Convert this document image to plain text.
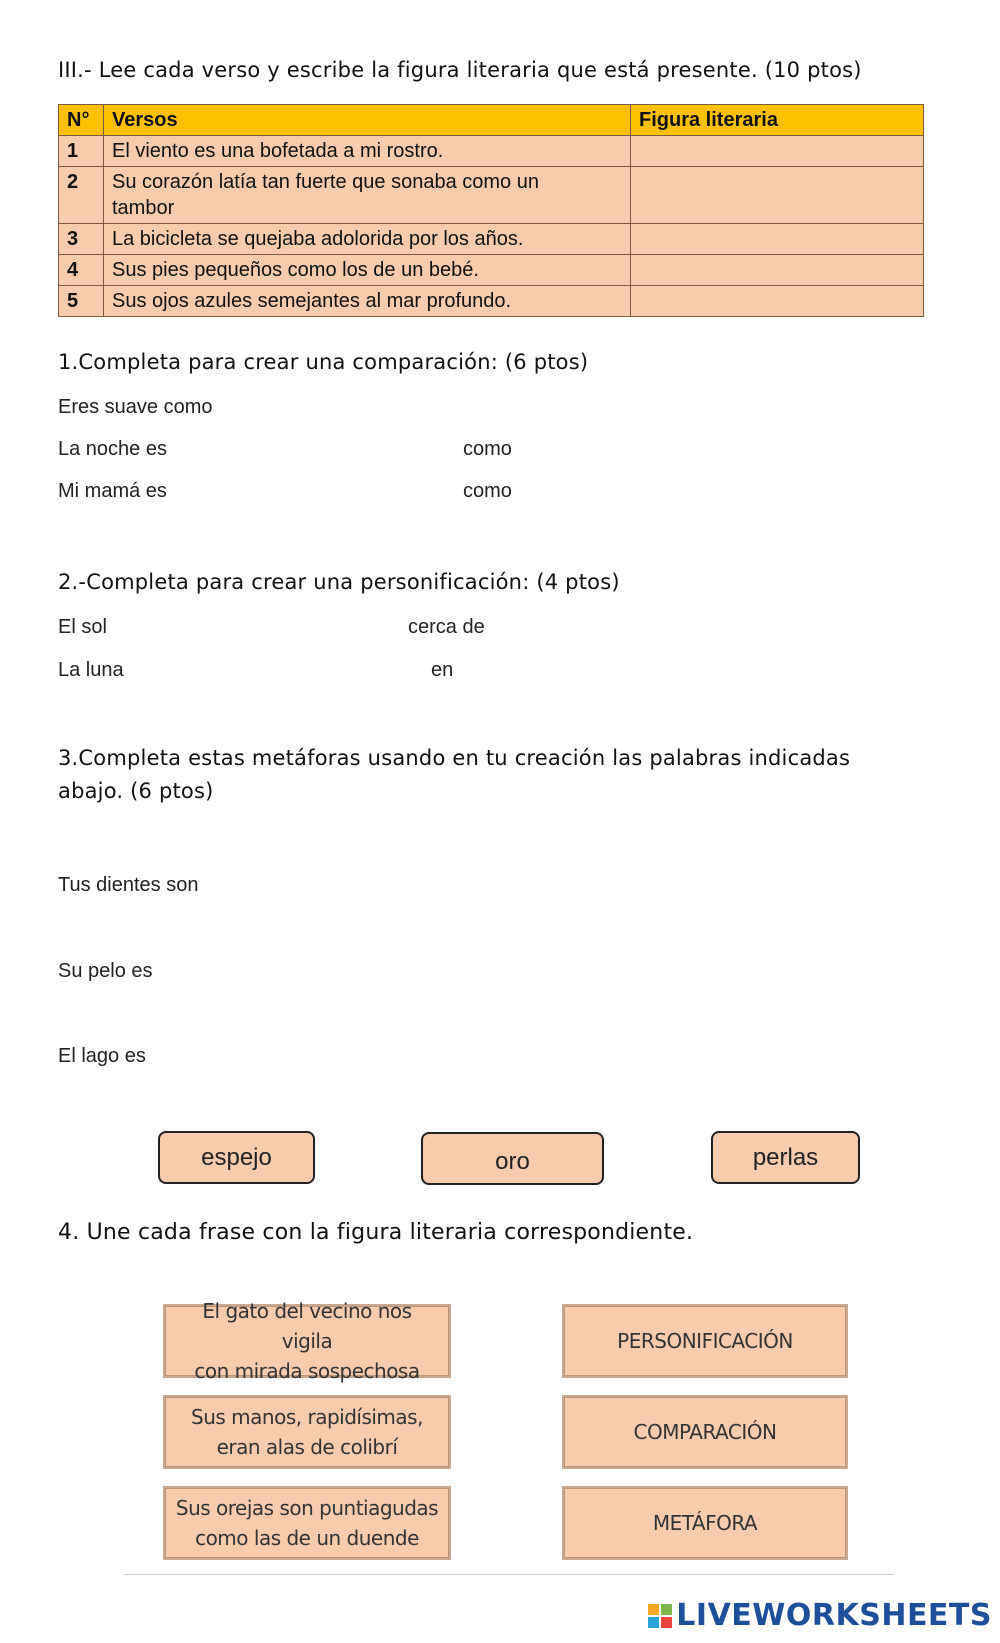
III.- Lee cada verso y escribe la figura literaria que está presente. (10 ptos)
N°	Versos	Figura literaria
1	El viento es una bofetada a mi rostro.	
2	Su corazón latía tan fuerte que sonaba como un tambor	

3	La bicicleta se quejaba adolorida por los años.	
4	Sus pies pequeños como los de un bebé.	
5	Sus ojos azules semejantes al mar profundo.	
1.Completa para crear una comparación: (6 ptos)
Eres suave como
La noche es	como
Mi mamá es	como
2.-Completa para crear una personificación: (4 ptos)
El sol	cerca de
La luna	en
3.Completa estas metáforas usando en tu creación las palabras indicadas
abajo. (6 ptos)
Tus dientes son
Su pelo es
El lago es
espejo	oro	perlas
4. Une cada frase con la figura literaria correspondiente.
El gato del vecino nos vigila
con mirada sospechosa
Sus manos, rapidísimas,
eran alas de colibrí
Sus orejas son puntiagudas
como las de un duende
PERSONIFICACIÓN
COMPARACIÓN
METÁFORA
LIVEWORKSHEETS
